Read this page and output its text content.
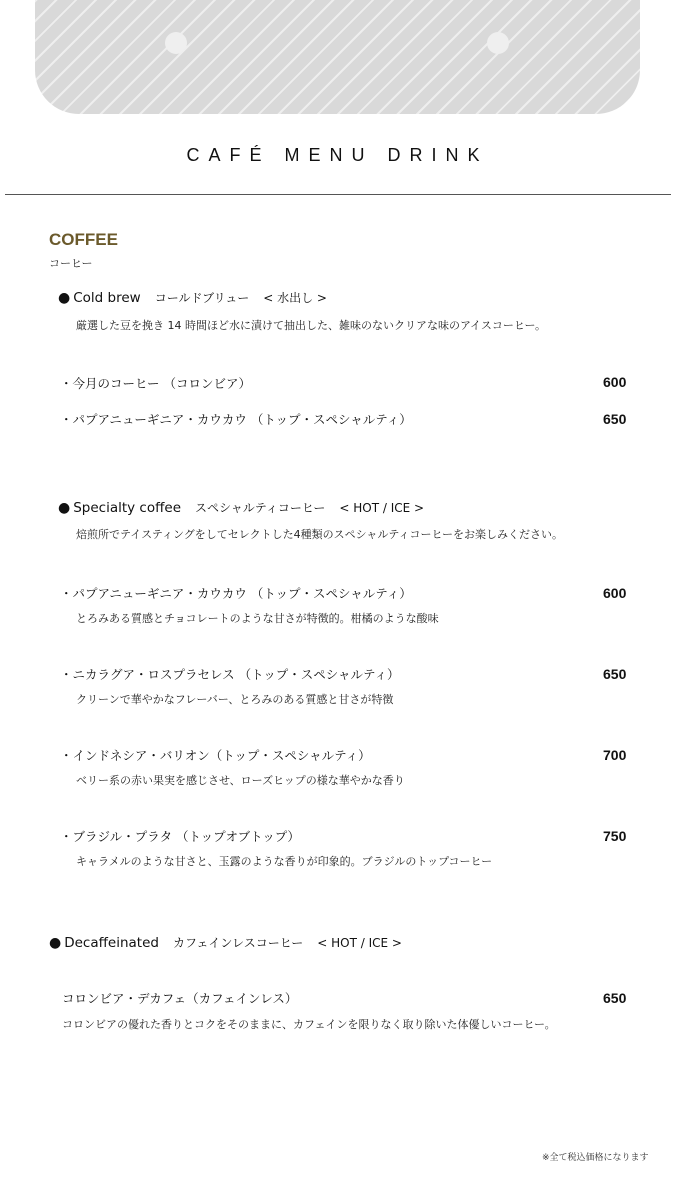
CAFÉ MENU DRINK
COFFEE
コーヒー
● Cold brew コールドブリュー < 水出し >
厳選した豆を挽き 14 時間ほど水に漬けて抽出した、雑味のないクリアな味のアイスコーヒー。
・今月のコーヒー （コロンビア）	600
・パプアニューギニア・カウカウ （トップ・スペシャルティ）	650
● Specialty coffee スペシャルティコーヒー < HOT / ICE >
焙煎所でテイスティングをしてセレクトした4種類のスペシャルティコーヒーをお楽しみください。
・パプアニューギニア・カウカウ （トップ・スペシャルティ）	600
とろみある質感とチョコレートのような甘さが特徴的。柑橘のような酸味
・ニカラグア・ロスプラセレス （トップ・スペシャルティ）	650
クリーンで華やかなフレーバー、とろみのある質感と甘さが特徴
・インドネシア・バリオン（トップ・スペシャルティ）	700
ベリー系の赤い果実を感じさせ、ローズヒップの様な華やかな香り
・ブラジル・プラタ （トップオブトップ）	750
キャラメルのような甘さと、玉露のような香りが印象的。ブラジルのトップコーヒー
● Decaffeinated カフェインレスコーヒー < HOT / ICE >
コロンビア・デカフェ（カフェインレス）	650
コロンビアの優れた香りとコクをそのままに、カフェインを限りなく取り除いた体優しいコーヒー。
※全て税込価格になります
